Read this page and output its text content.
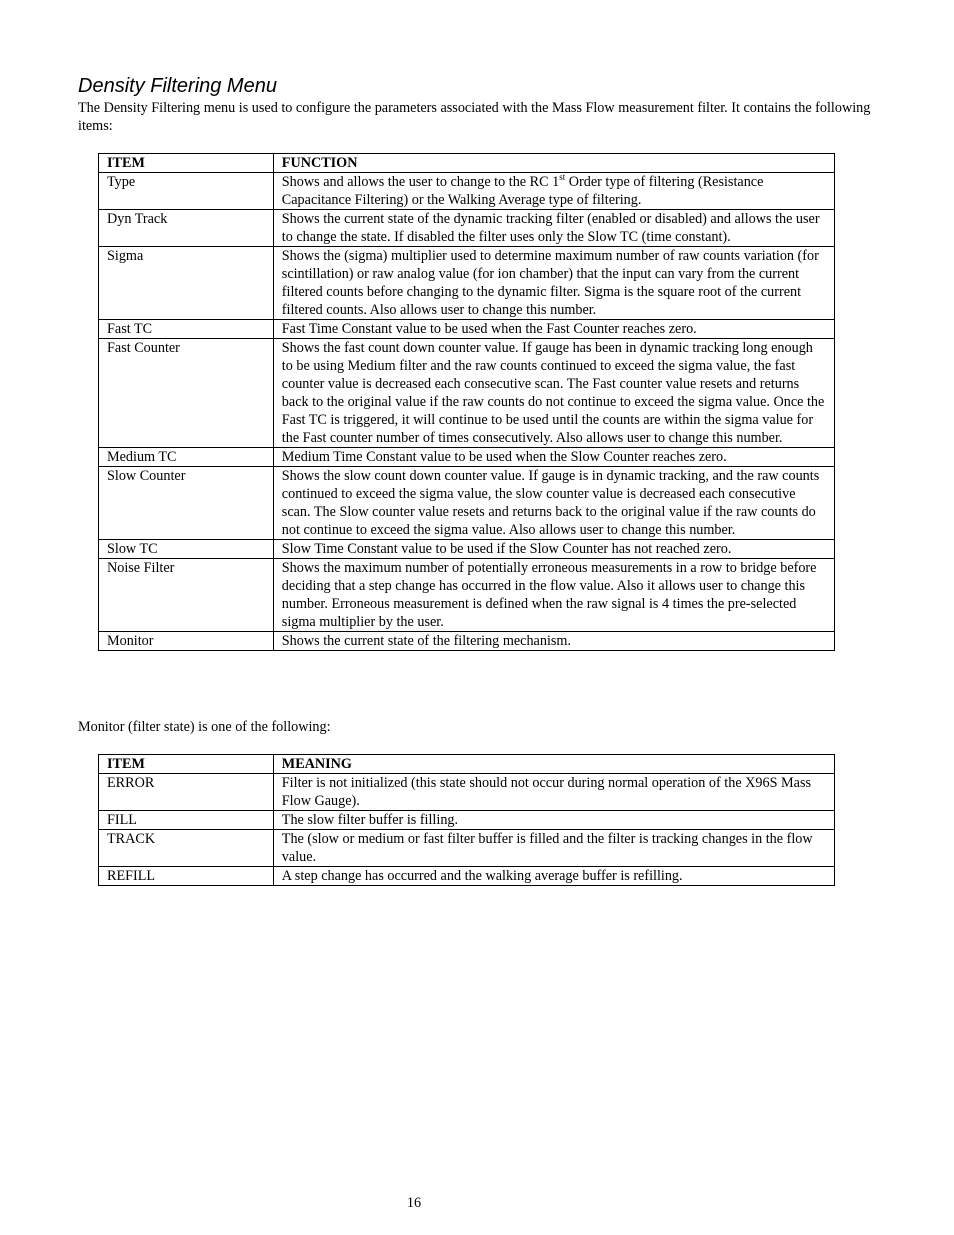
Density Filtering Menu

The Density Filtering menu is used to configure the parameters associated with the Mass Flow measurement filter. It contains the following items:

ITEM	FUNCTION
Type	Shows and allows the user to change to the RC 1st Order type of filtering (Resistance Capacitance Filtering) or the Walking Average type of filtering.
Dyn Track	Shows the current state of the dynamic tracking filter (enabled or disabled) and allows the user to change the state. If disabled the filter uses only the Slow TC (time constant).
Sigma	Shows the (sigma) multiplier used to determine maximum number of raw counts variation (for scintillation) or raw analog value (for ion chamber) that the input can vary from the current filtered counts before changing to the dynamic filter. Sigma is the square root of the current filtered counts. Also allows user to change this number.
Fast TC	Fast Time Constant value to be used when the Fast Counter reaches zero.
Fast Counter	Shows the fast count down counter value. If gauge has been in dynamic tracking long enough to be using Medium filter and the raw counts continued to exceed the sigma value, the fast counter value is decreased each consecutive scan. The Fast counter value resets and returns back to the original value if the raw counts do not continue to exceed the sigma value. Once the Fast TC is triggered, it will continue to be used until the counts are within the sigma value for the Fast counter number of times consecutively. Also allows user to change this number.
Medium TC	Medium Time Constant value to be used when the Slow Counter reaches zero.
Slow Counter	Shows the slow count down counter value. If gauge is in dynamic tracking, and the raw counts continued to exceed the sigma value, the slow counter value is decreased each consecutive scan. The Slow counter value resets and returns back to the original value if the raw counts do not continue to exceed the sigma value. Also allows user to change this number.
Slow TC	Slow Time Constant value to be used if the Slow Counter has not reached zero.
Noise Filter	Shows the maximum number of potentially erroneous measurements in a row to bridge before deciding that a step change has occurred in the flow value. Also it allows user to change this number. Erroneous measurement is defined when the raw signal is 4 times the pre-selected sigma multiplier by the user.
Monitor	Shows the current state of the filtering mechanism.

Monitor (filter state) is one of the following:

ITEM	MEANING
ERROR	Filter is not initialized (this state should not occur during normal operation of the X96S Mass Flow Gauge).
FILL	The slow filter buffer is filling.
TRACK	The (slow or medium or fast filter buffer is filled and the filter is tracking changes in the flow value.
REFILL	A step change has occurred and the walking average buffer is refilling.

16
